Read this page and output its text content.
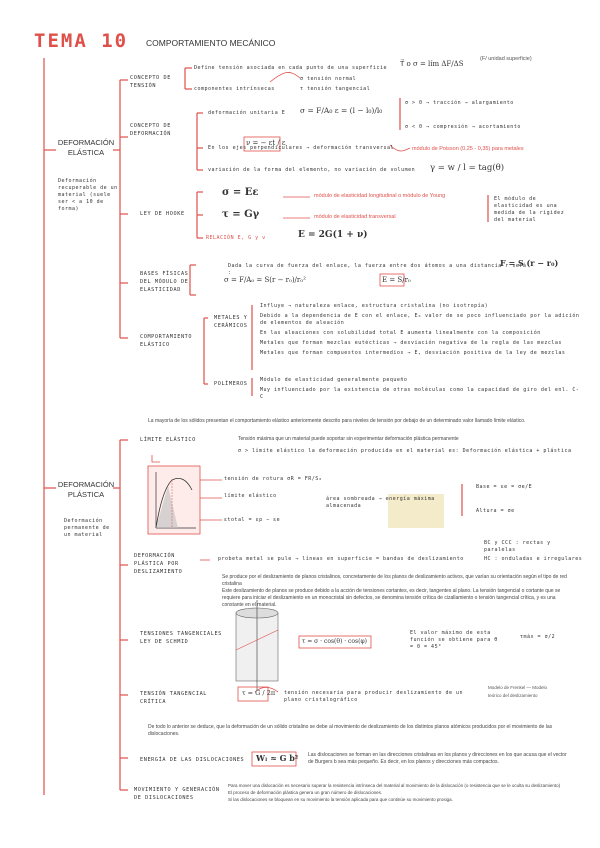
TEMA 10 COMPORTAMIENTO MECÁNICO
DEFORMACIÓN
ELÁSTICA
Deformación recuperable de un material (suele ser < a 10 de forma)
CONCEPTO DE TENSIÓN
Define tensión asociada en cada punto de una superficie	T⃗ o σ = lím ΔF/ΔS
(F/ unidad superficie)
componentes intrínsecas
σ tensión normal
τ tensión tangencial
CONCEPTO DE DEFORMACIÓN
deformación unitaria E σ = F/A₀ ε = (l − l₀)/l₀
σ > 0 → tracción → alargamiento
σ < 0 → compresión → acortamiento
En los ejes perpendiculares → deformación transversal
ν = − εt / ε
módulo de Poisson (0,25 - 0,35) para metales
variación de la forma del elemento, no variación de volumen γ = w / l = tag(θ)
LEY DE HOOKE
σ = Eε	módulo de elasticidad longitudinal o módulo de Young
τ = Gγ	módulo de elasticidad transversal
RELACIÓN E, G y ν	E = 2G(1 + ν)
El módulo de elasticidad es una medida de la rigidez del material
BASES FÍSICAS DEL MÓDULO DE ELASTICIDAD
Dada la curva de fuerza del enlace, la fuerza entre dos átomos a una distancia r será :
F = S (r − r₀)
σ = F/A₀ = S(r − r₀)/r₀²	E = S/r₀
COMPORTAMIENTO ELÁSTICO
METALES Y CERÁMICOS
Influye → naturaleza enlace, estructura cristalina (no isotropía)
Debido a la dependencia de E con el enlace, E₀ valor de se poco influenciado por la adición de elementos de aleación
En las aleaciones con solubilidad total E aumenta linealmente con la composición
Metales que forman mezclas eutécticas → desviación negativa de la regla de las mezclas
Metales que forman compuestos intermedios → E, desviación positiva de la ley de mezclas
POLÍMEROS
Módulo de elasticidad generalmente pequeño
Muy influenciado por la existencia de otras moléculas como la capacidad de giro del enl. C-C
La mayoría de los sólidos presentan el comportamiento elástico anteriormente descrito para niveles de tensión por debajo de un determinado valor llamado límite elástico.
DEFORMACIÓN
PLÁSTICA
Deformación permanente de un material
LÍMITE ELÁSTICO	Tensión máxima que un material puede soportar sin experimentar deformación plástica permanente
σ > límite elástico la deformación producida en el material es: Deformación elástica + plástica
tensión de rotura σR = FR/S₀
límite elástico	área sombreada → energía máxima almacenada
εtotal = εp − εe
Base = εe = σe/E
Altura = σe
DEFORMACIÓN PLÁSTICA POR DESLIZAMIENTO
probeta metal se pule → líneas en superficie = bandas de deslizamiento
BC y CCC : rectas y paralelas
HC : onduladas e irregulares
Se produce por el deslizamiento de planos cristalinos, concretamente de los planos de deslizamiento activos, que varían su orientación según el tipo de red cristalina
Este deslizamiento de planos se produce debido a la acción de tensiones cortantes, es decir, tangentes al plano. La tensión tangencial o cortante que se requiere para iniciar el deslizamiento en un monocristal sin defectos, se denomina tensión crítica de cizallamiento o tensión tangencial crítica, y es una constante en el material.
TENSIONES TANGENCIALES LEY DE SCHMID	τ = σ · cos(θ) · cos(φ)
El valor máximo de esta función se obtiene para θ = 0 = 45°
τmáx = σ/2
TENSIÓN TANGENCIAL CRÍTICA
τ = G / 2π tensión necesaria para producir deslizamiento de un plano cristalográfico
Modelo de Frenkel — Modelo teórico del deslizamiento
De todo lo anterior se deduce, que la deformación de un sólido cristalino se debe al movimiento de deslizamiento de los distintos planos atómicos producidos por el movimiento de las dislocaciones.
ENERGÍA DE LAS DISLOCACIONES Wₗ ≈ G b² Las dislocaciones se forman en las direcciones cristalinas en los planos y direcciones en los que acusa que el vector de Burgers b sea más pequeño. Es decir, en los planos y direcciones más compactos.
MOVIMIENTO Y GENERACIÓN DE DISLOCACIONES
Para mover una dislocación es necesario superar la resistencia intrínseca del material al movimiento de la dislocación (o resistencia que se le oculta su deslizamiento)
El proceso de deformación plástica genera un gran número de dislocaciones.
Si las dislocaciones se bloquean en su movimiento la tensión aplicada para que continúe su movimiento prosiga.
